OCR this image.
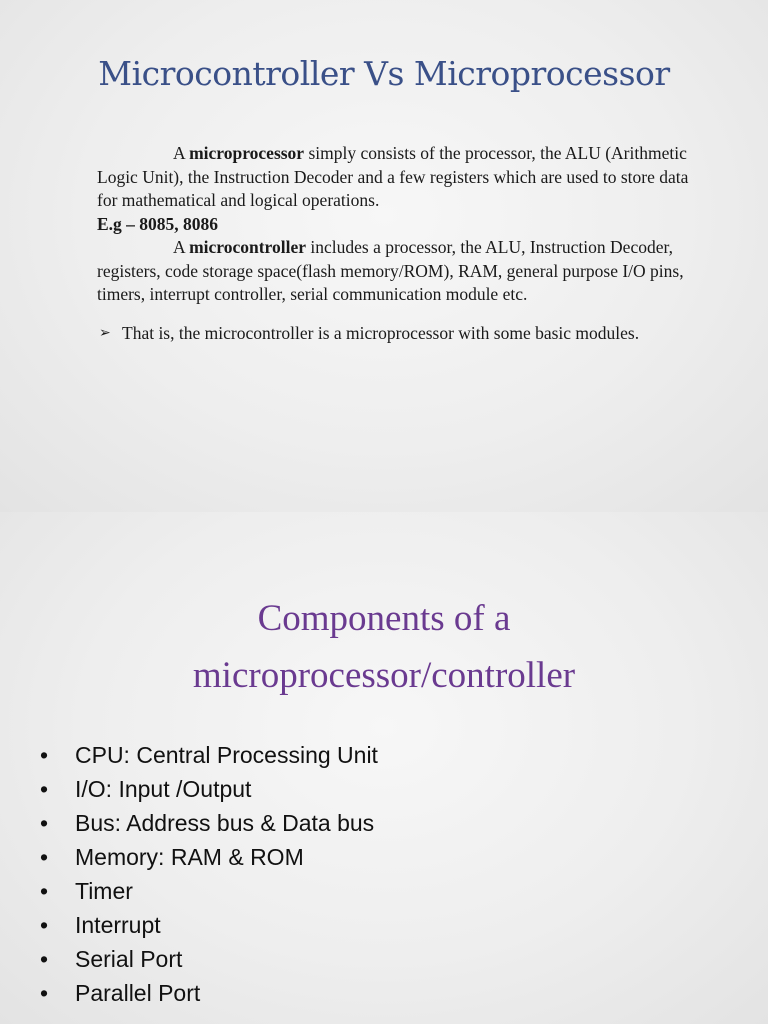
Microcontroller Vs Microprocessor

A microprocessor simply consists of the processor, the ALU (Arithmetic Logic Unit), the Instruction Decoder and a few registers which are used to store data for mathematical and logical operations.

E.g – 8085, 8086

A microcontroller includes a processor, the ALU, Instruction Decoder, registers, code storage space(flash memory/ROM), RAM, general purpose I/O pins, timers, interrupt controller, serial communication module etc.

➢ That is, the microcontroller is a microprocessor with some basic modules.

Components of a
microprocessor/controller
• CPU: Central Processing Unit
• I/O: Input /Output
• Bus: Address bus & Data bus
• Memory: RAM & ROM
• Timer
• Interrupt
• Serial Port
• Parallel Port
